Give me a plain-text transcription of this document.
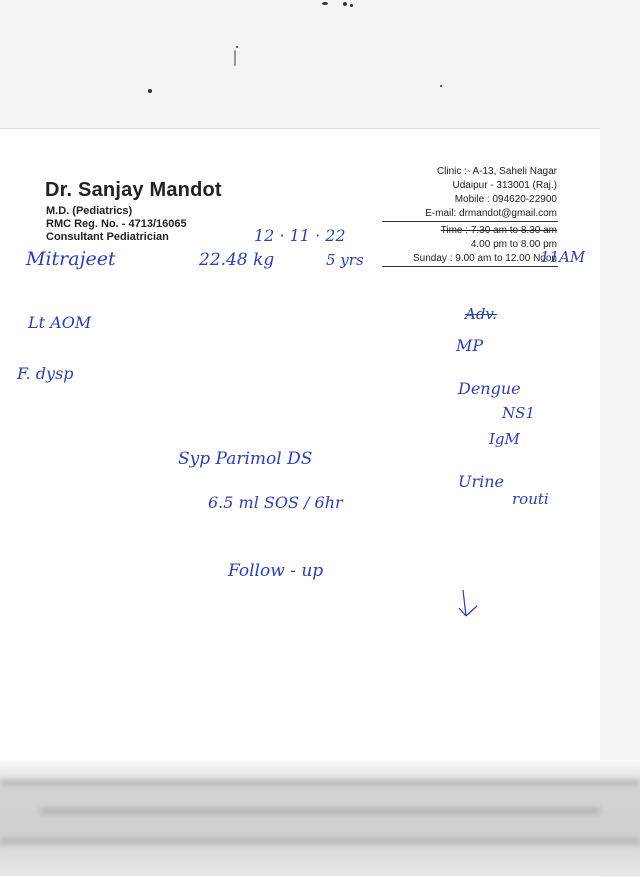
Dr. Sanjay Mandot
M.D. (Pediatrics)
RMC Reg. No. - 4713/16065
Consultant Pediatrician
Clinic :- A-13, Saheli Nagar
Udaipur - 313001 (Raj.)
Mobile : 094620-22900
E-mail: drmandot@gmail.com
Time : 7.30 am to 8.30 am
4.00 pm to 8.00 pm
Sunday : 9.00 am to 12.00 Noon
11AM
12 · 11 · 22
Mitrajeet	22.48 kg	5 yrs
Lt AOM
F. dysp
Adv.
MP
Dengue
NS1
IgM
Urine
routi
Syp Parimol DS
6.5 ml SOS / 6hr
Follow - up
